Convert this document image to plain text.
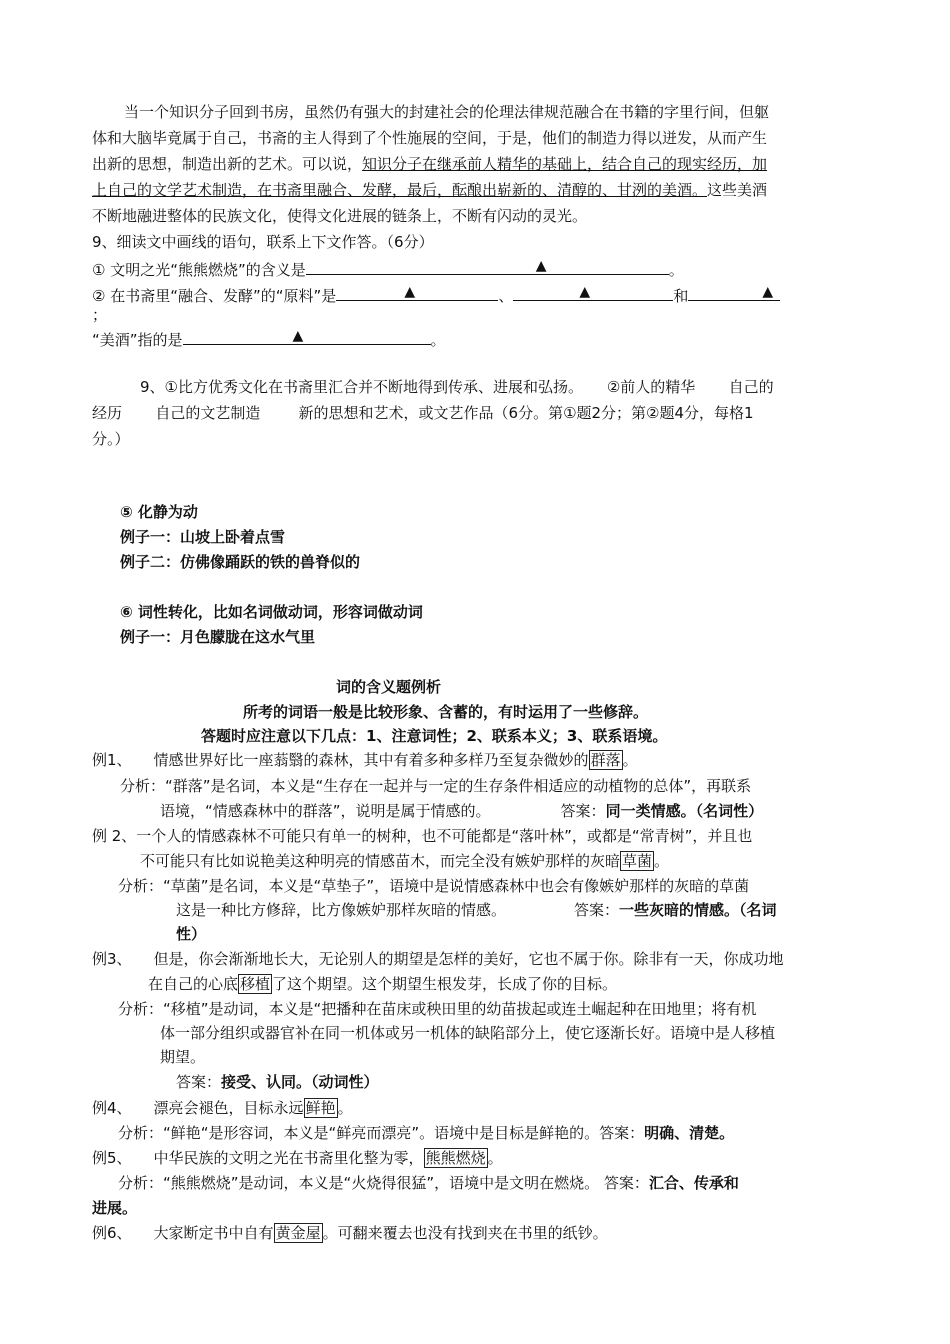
当一个知识分子回到书房，虽然仍有强大的封建社会的伦理法律规范融合在书籍的字里行间，但躯
体和大脑毕竟属于自己，书斋的主人得到了个性施展的空间，于是，他们的制造力得以迸发，从而产生
出新的思想，制造出新的艺术。可以说，知识分子在继承前人精华的基础上，结合自己的现实经历，加
上自己的文学艺术制造，在书斋里融合、发酵，最后，酝酿出崭新的、清醇的、甘洌的美酒。这些美酒
不断地融进整体的民族文化，使得文化进展的链条上，不断有闪动的灵光。
9、细读文中画线的语句，联系上下文作答。（6分）
① 文明之光“熊熊燃烧”的含义是	▲	。
② 在书斋里“融合、发酵”的“原料”是	▲	、	▲	和	▲
；
“美酒”指的是	▲	。
9、①比方优秀文化在书斋里汇合并不断地得到传承、进展和弘扬。     ②前人的精华       自己的
经历       自己的文艺制造        新的思想和艺术，或文艺作品（6分。第①题2分；第②题4分，每格1
分。）
⑤ 化静为动
例子一：山坡上卧着点雪
例子二：仿佛像踊跃的铁的兽脊似的
⑥ 词性转化，比如名词做动词，形容词做动词
例子一：月色朦胧在这水气里
词的含义题例析
所考的词语一般是比较形象、含蓄的，有时运用了一些修辞。
答题时应注意以下几点：1、注意词性；2、联系本义；3、联系语境。
例1、 情感世界好比一座蓊翳的森林，其中有着多种多样乃至复杂微妙的 群落 。
分析：“群落”是名词，本义是“生存在一起并与一定的生存条件相适应的动植物的总体”，再联系
语境，“情感森林中的群落”，说明是属于情感的。	答案：同一类情感。（名词性）
例 2、一个人的情感森林不可能只有单一的树种，也不可能都是“落叶林”，或都是“常青树”，并且也
不可能只有比如说艳美这种明亮的情感苗木，而完全没有嫉妒那样的灰暗 草菌 。
分析：“草菌”是名词，本义是“草垫子”，语境中是说情感森林中也会有像嫉妒那样的灰暗的草菌
这是一种比方修辞，比方像嫉妒那样灰暗的情感。	答案：一些灰暗的情感。（名词
性）
例3、 但是，你会渐渐地长大，无论别人的期望是怎样的美好，它也不属于你。除非有一天，你成功地
在自己的心底 移植 了这个期望。这个期望生根发芽，长成了你的目标。
分析：“移植”是动词，本义是“把播种在苗床或秧田里的幼苗拔起或连土崛起种在田地里；将有机
体一部分组织或器官补在同一机体或另一机体的缺陷部分上，使它逐渐长好。语境中是人移植
期望。
答案：接受、认同。（动词性）
例4、 漂亮会褪色，目标永远 鲜艳 。
分析：“鲜艳“是形容词，本义是“鲜亮而漂亮”。语境中是目标是鲜艳的。答案：明确、清楚。
例5、 中华民族的文明之光在书斋里化整为零， 熊熊燃烧 。
分析：“熊熊燃烧”是动词，本义是“火烧得很猛”，语境中是文明在燃烧。 答案：汇合、传承和
进展。
例6、 大家断定书中自有 黄金屋 。可翻来覆去也没有找到夹在书里的纸钞。
